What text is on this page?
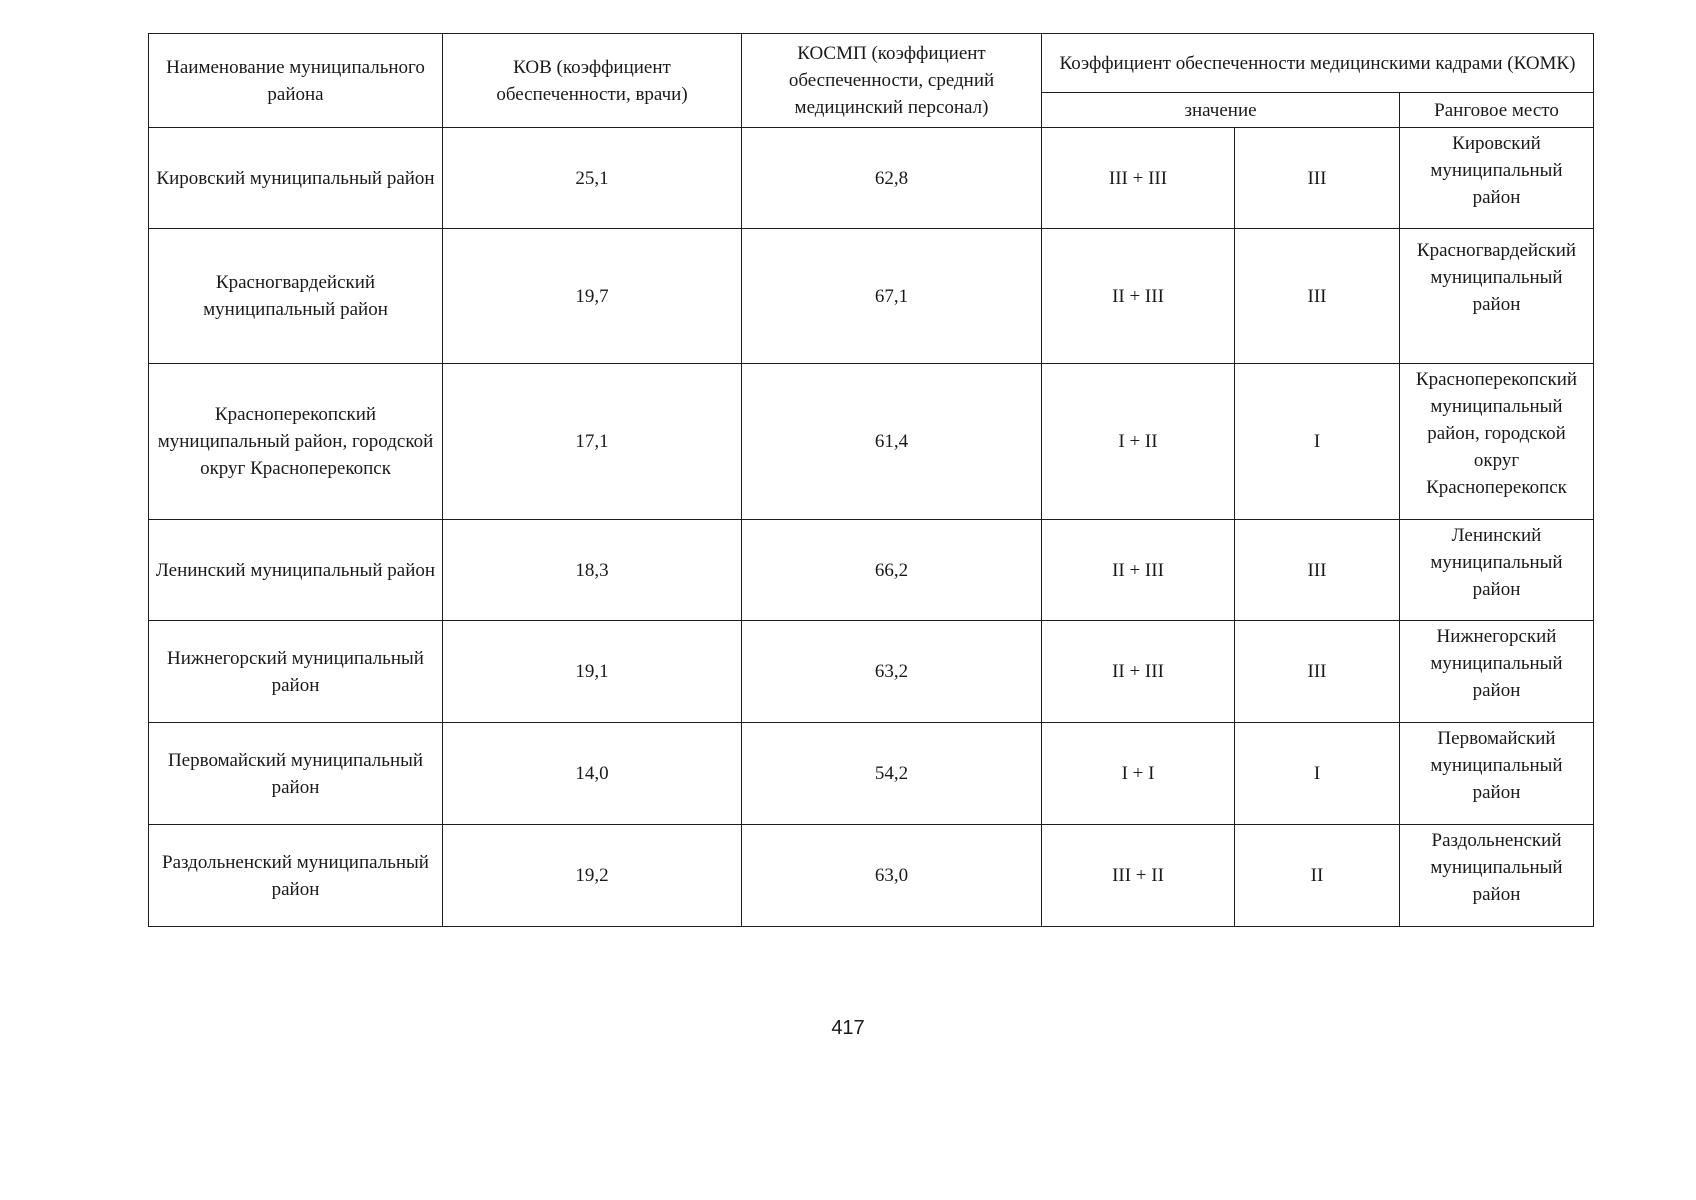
Наименование муниципального района	КОВ (коэффициент обеспеченности, врачи)	КОСМП (коэффициент обеспеченности, средний медицинский персонал)	Коэффициент обеспеченности медицинскими кадрами (КОМК)		

			значение		Ранговое место

Кировский муниципальный район	25,1	62,8	III + III	III	Кировский муниципальный район
Красногвардейский муниципальный район	19,7	67,1	II + III	III	Красногвардейский муниципальный район
Красноперекопский муниципальный район, городской округ Красноперекопск	17,1	61,4	I + II	I	Красноперекопский муниципальный район, городской округ Красноперекопск
Ленинский муниципальный район	18,3	66,2	II + III	III	Ленинский муниципальный район
Нижнегорский муниципальный район	19,1	63,2	II + III	III	Нижнегорский муниципальный район
Первомайский муниципальный район	14,0	54,2	I + I	I	Первомайский муниципальный район
Раздольненский муниципальный район	19,2	63,0	III + II	II	Раздольненский муниципальный район
417
